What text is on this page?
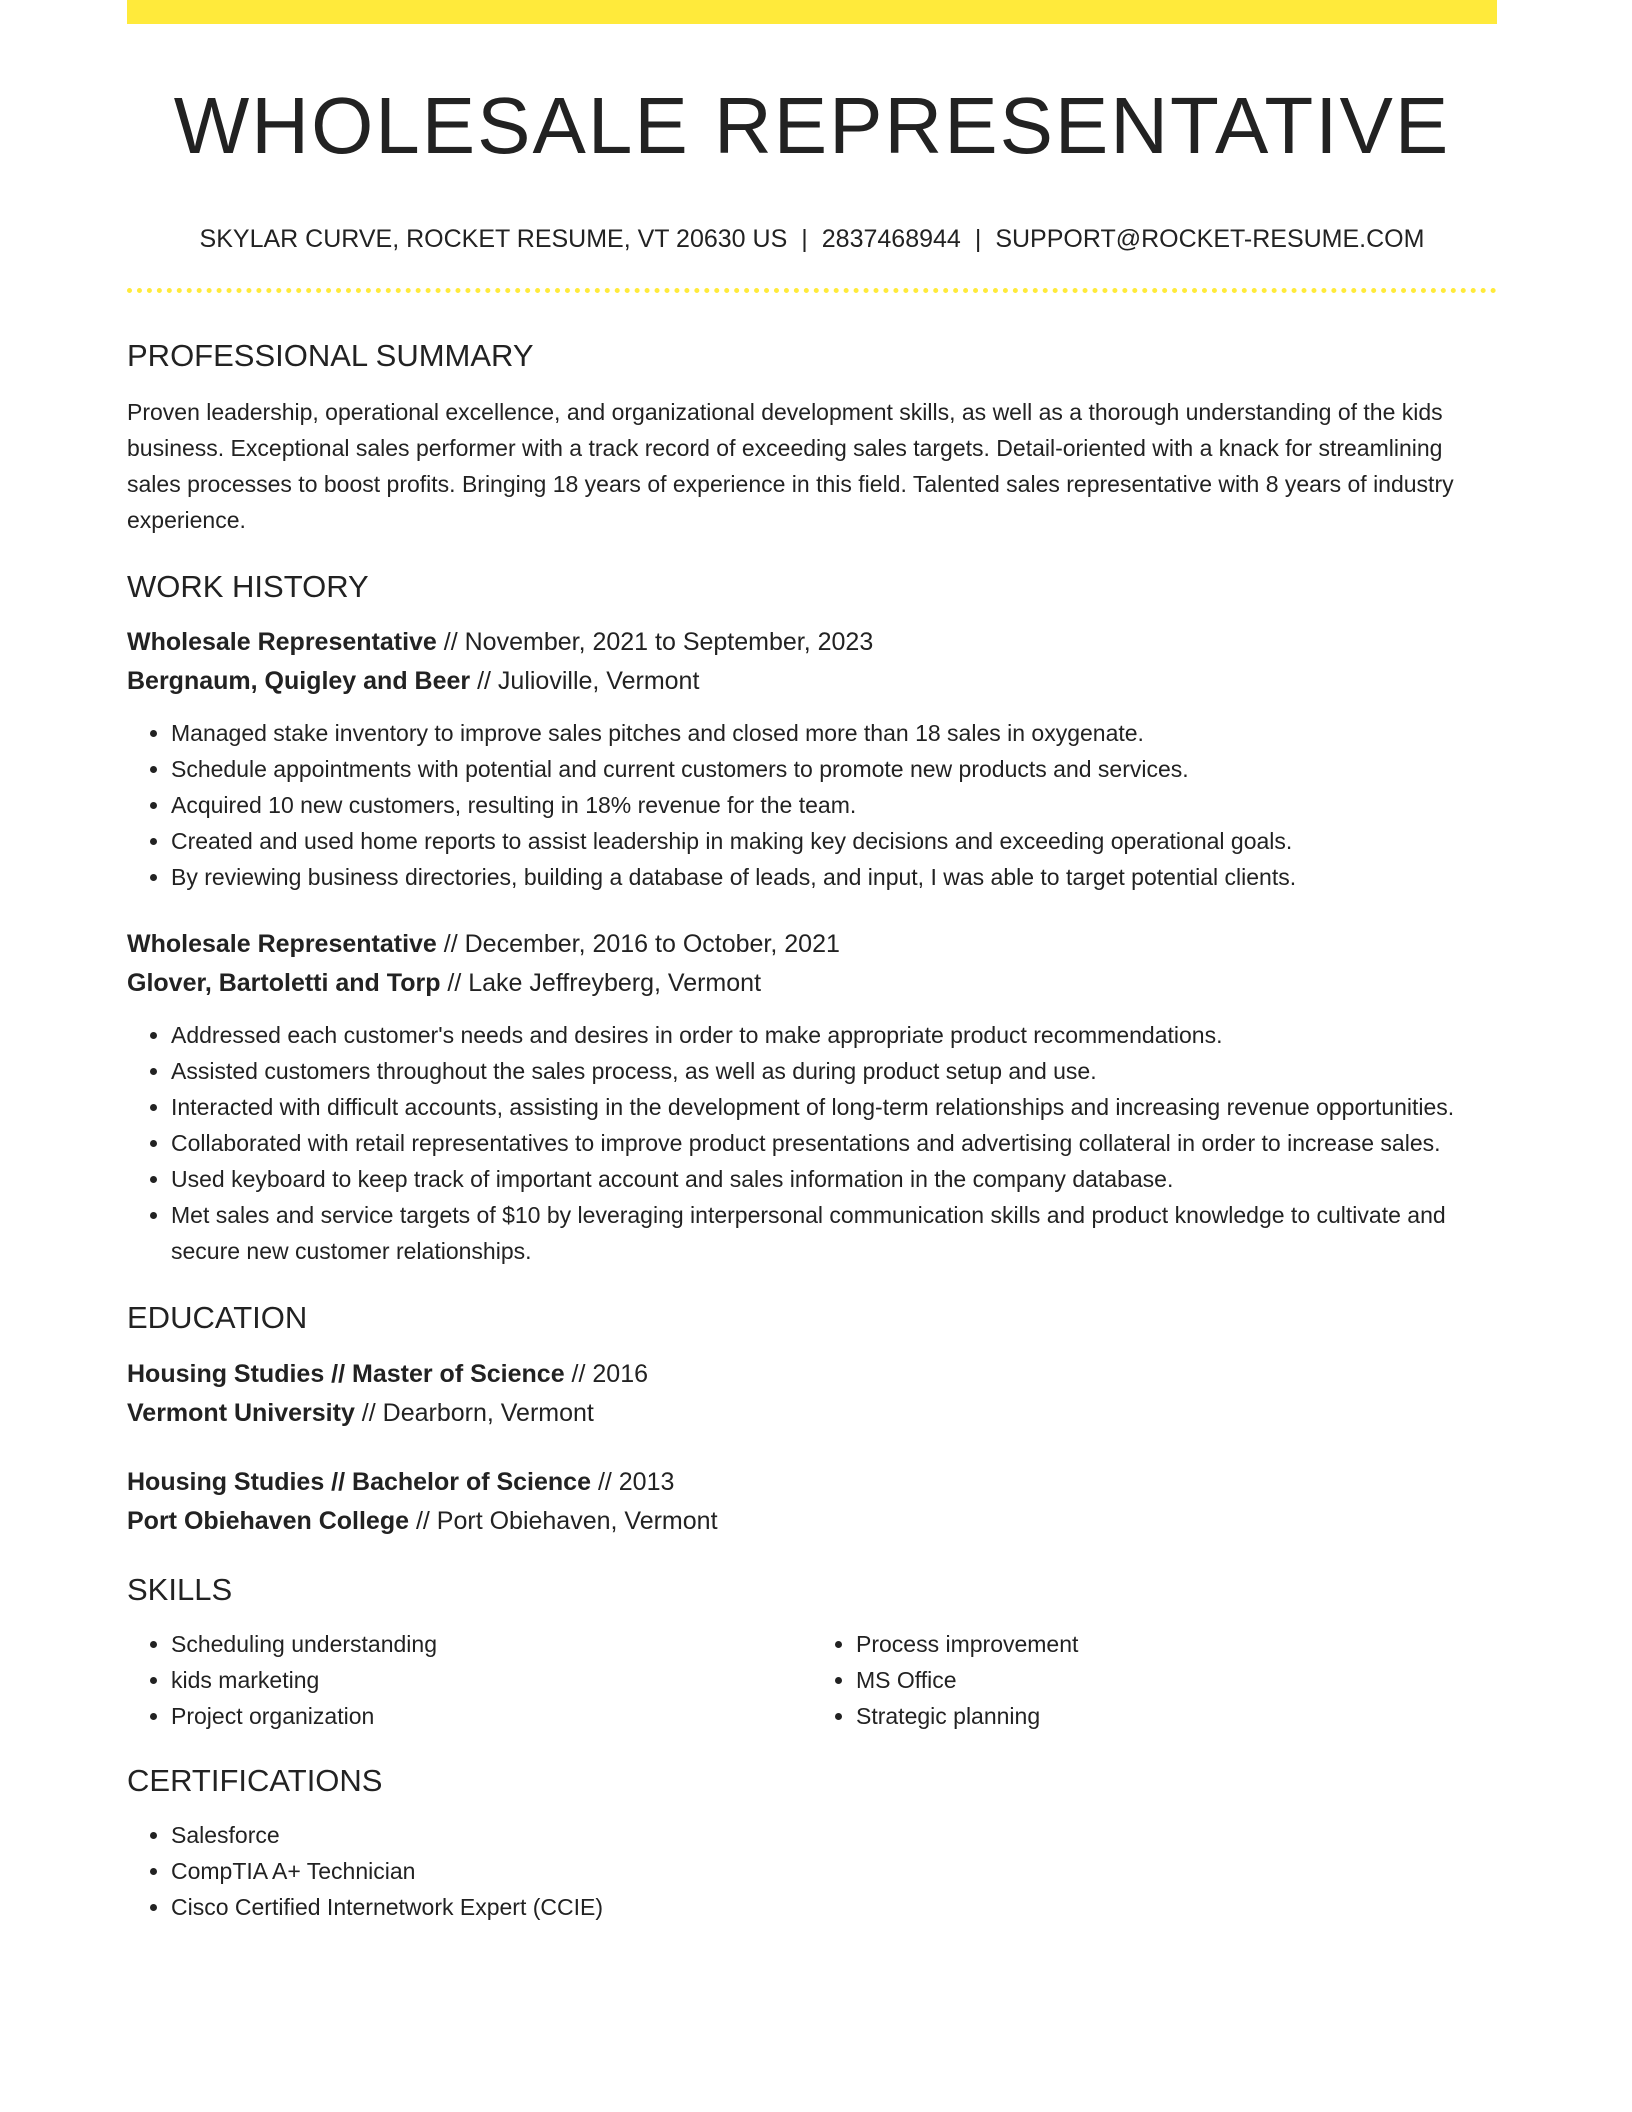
WHOLESALE REPRESENTATIVE
SKYLAR CURVE, ROCKET RESUME, VT 20630 US | 2837468944 | SUPPORT@ROCKET-RESUME.COM
PROFESSIONAL SUMMARY

Proven leadership, operational excellence, and organizational development skills, as well as a thorough understanding of the kids business. Exceptional sales performer with a track record of exceeding sales targets. Detail-oriented with a knack for streamlining sales processes to boost profits. Bringing 18 years of experience in this field. Talented sales representative with 8 years of industry experience.

WORK HISTORY

Wholesale Representative // November, 2021 to September, 2023

Bergnaum, Quigley and Beer // Julioville, Vermont

• Managed stake inventory to improve sales pitches and closed more than 18 sales in oxygenate.
• Schedule appointments with potential and current customers to promote new products and services.
• Acquired 10 new customers, resulting in 18% revenue for the team.
• Created and used home reports to assist leadership in making key decisions and exceeding operational goals.
• By reviewing business directories, building a database of leads, and input, I was able to target potential clients.

Wholesale Representative // December, 2016 to October, 2021

Glover, Bartoletti and Torp // Lake Jeffreyberg, Vermont

• Addressed each customer's needs and desires in order to make appropriate product recommendations.
• Assisted customers throughout the sales process, as well as during product setup and use.
• Interacted with difficult accounts, assisting in the development of long-term relationships and increasing revenue opportunities.
• Collaborated with retail representatives to improve product presentations and advertising collateral in order to increase sales.
• Used keyboard to keep track of important account and sales information in the company database.
• Met sales and service targets of $10 by leveraging interpersonal communication skills and product knowledge to cultivate and secure new customer relationships.
EDUCATION

Housing Studies // Master of Science // 2016

Vermont University // Dearborn, Vermont

Housing Studies // Bachelor of Science // 2013

Port Obiehaven College // Port Obiehaven, Vermont

SKILLS
• Scheduling understanding
• kids marketing
• Project organization
• Process improvement
• MS Office
• Strategic planning
CERTIFICATIONS
• Salesforce
• CompTIA A+ Technician
• Cisco Certified Internetwork Expert (CCIE)
